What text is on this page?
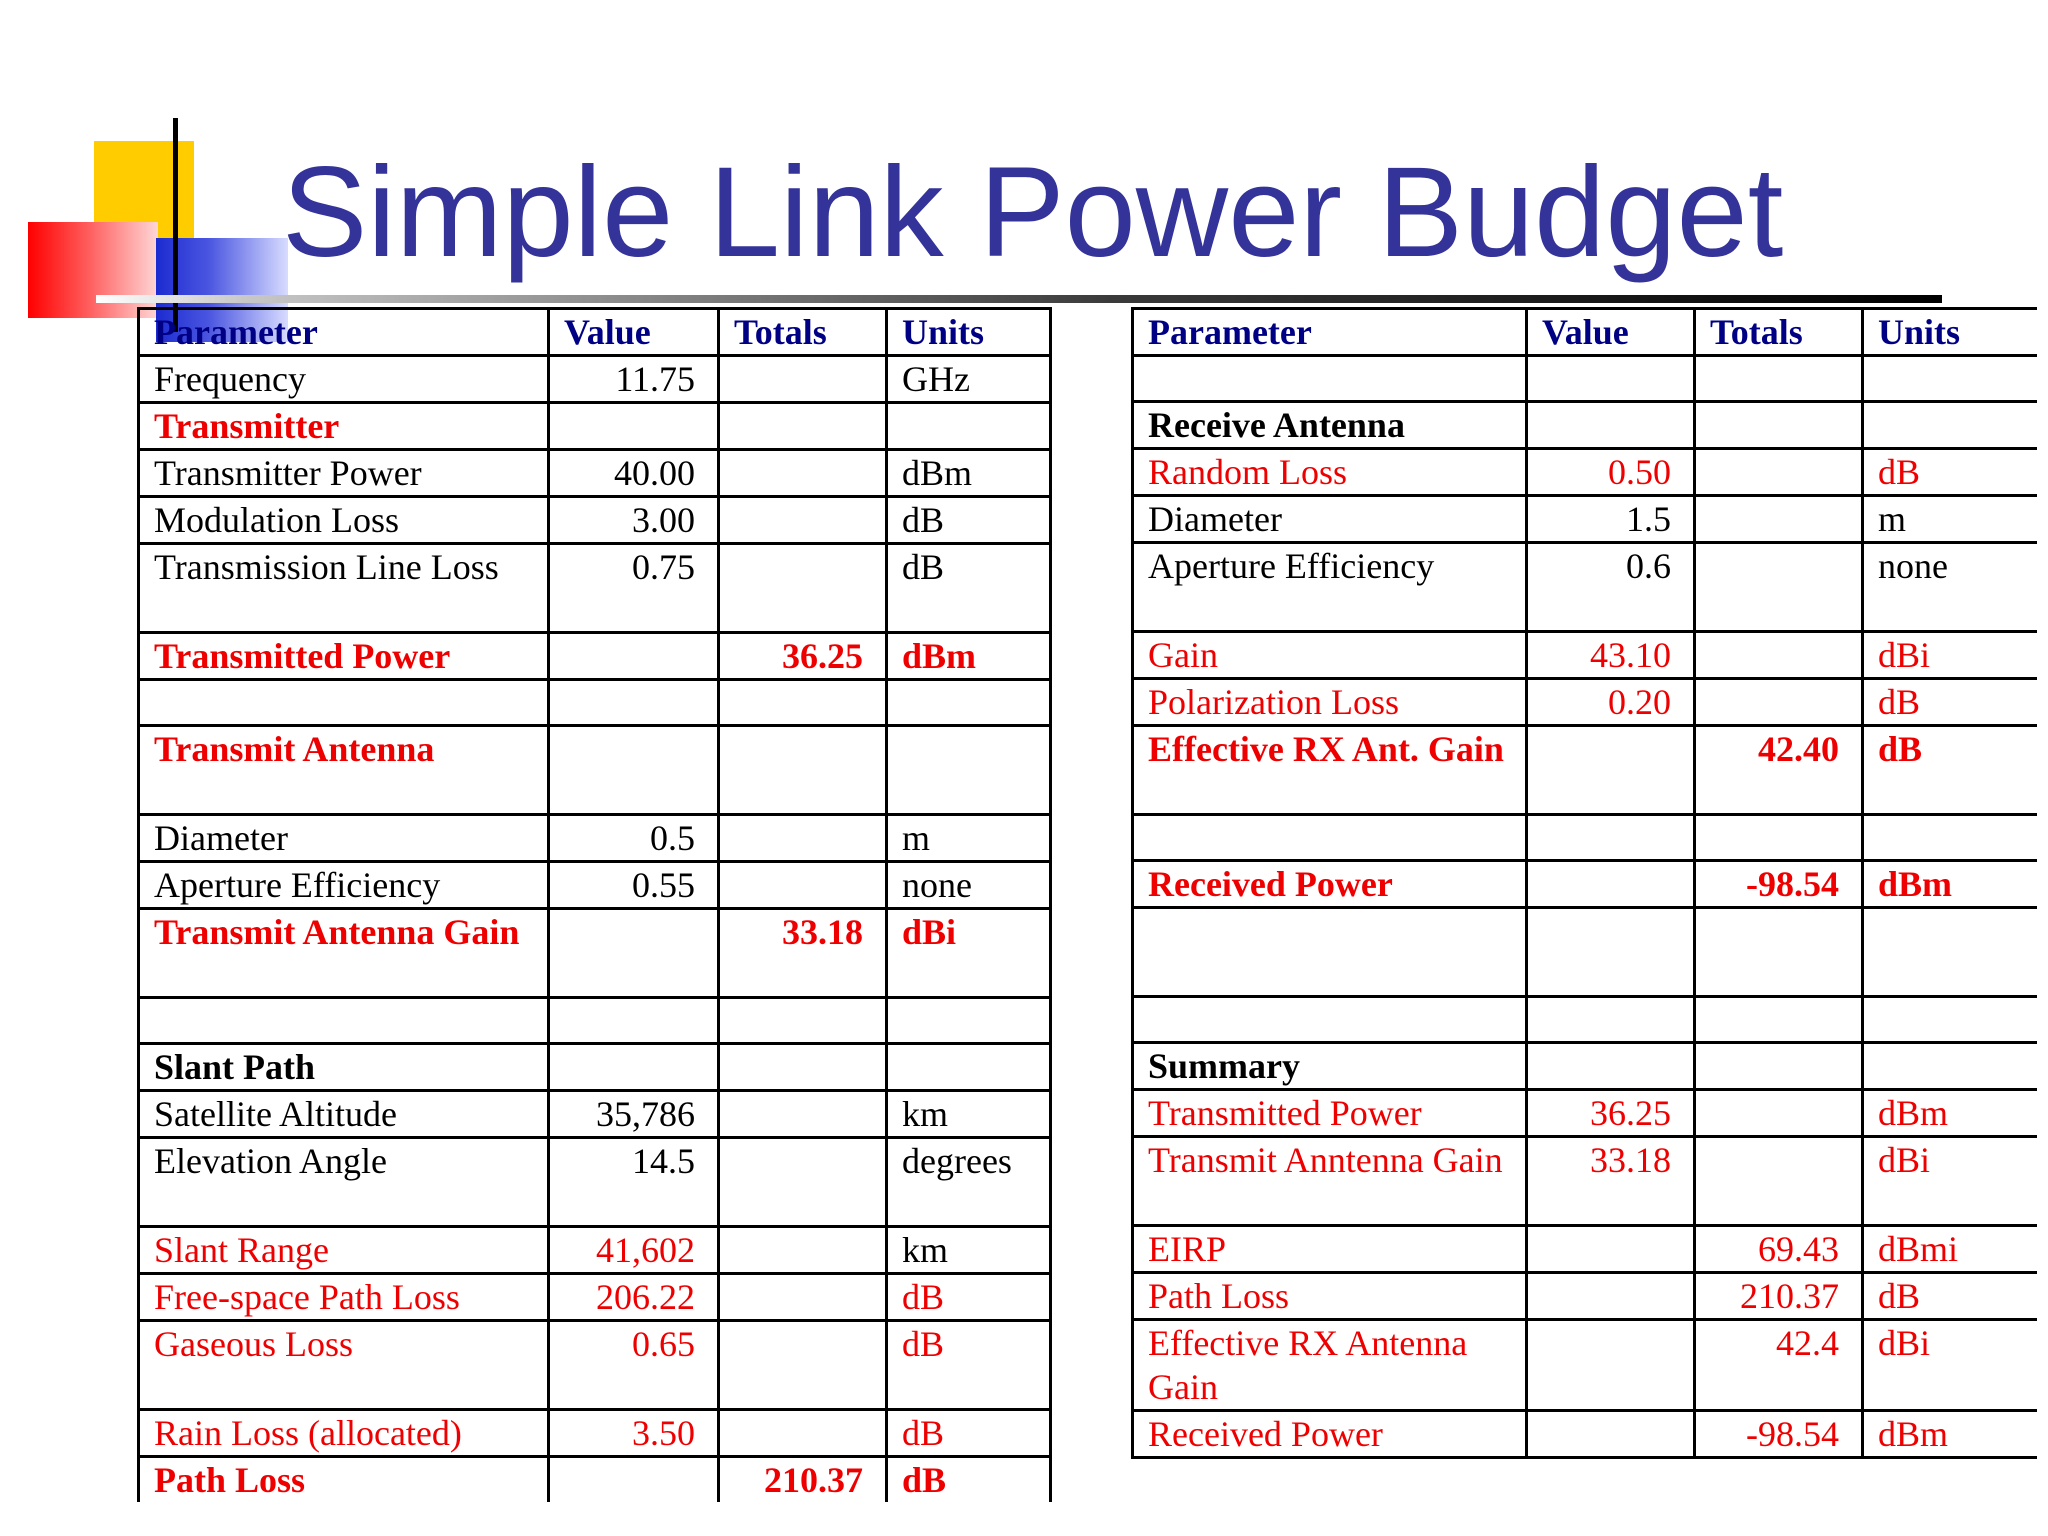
Simple Link Power Budget
Parameter	Value	Totals	Units
Frequency	11.75		GHz
Transmitter			
Transmitter Power	40.00		dBm
Modulation Loss	3.00		dB
Transmission Line Loss	0.75		dB
Transmitted Power		36.25	dBm

Transmit Antenna			
Diameter	0.5		m
Aperture Efficiency	0.55		none
Transmit Antenna Gain		33.18	dBi

Slant Path			
Satellite Altitude	35,786		km
Elevation Angle	14.5		degrees
Slant Range	41,602		km
Free-space Path Loss	206.22		dB
Gaseous Loss	0.65		dB
Rain Loss (allocated)	3.50		dB
Path Loss		210.37	dB
Parameter	Value	Totals	Units

Receive Antenna			
Random Loss	0.50		dB
Diameter	1.5		m
Aperture Efficiency	0.6		none
Gain	43.10		dBi
Polarization Loss	0.20		dB
Effective RX Ant. Gain		42.40	dB

Received Power		-98.54	dBm

Summary			
Transmitted Power	36.25		dBm
Transmit Anntenna Gain	33.18		dBi
EIRP		69.43	dBmi
Path Loss		210.37	dB
Effective RX Antenna Gain		42.4	dBi
Received Power		-98.54	dBm
